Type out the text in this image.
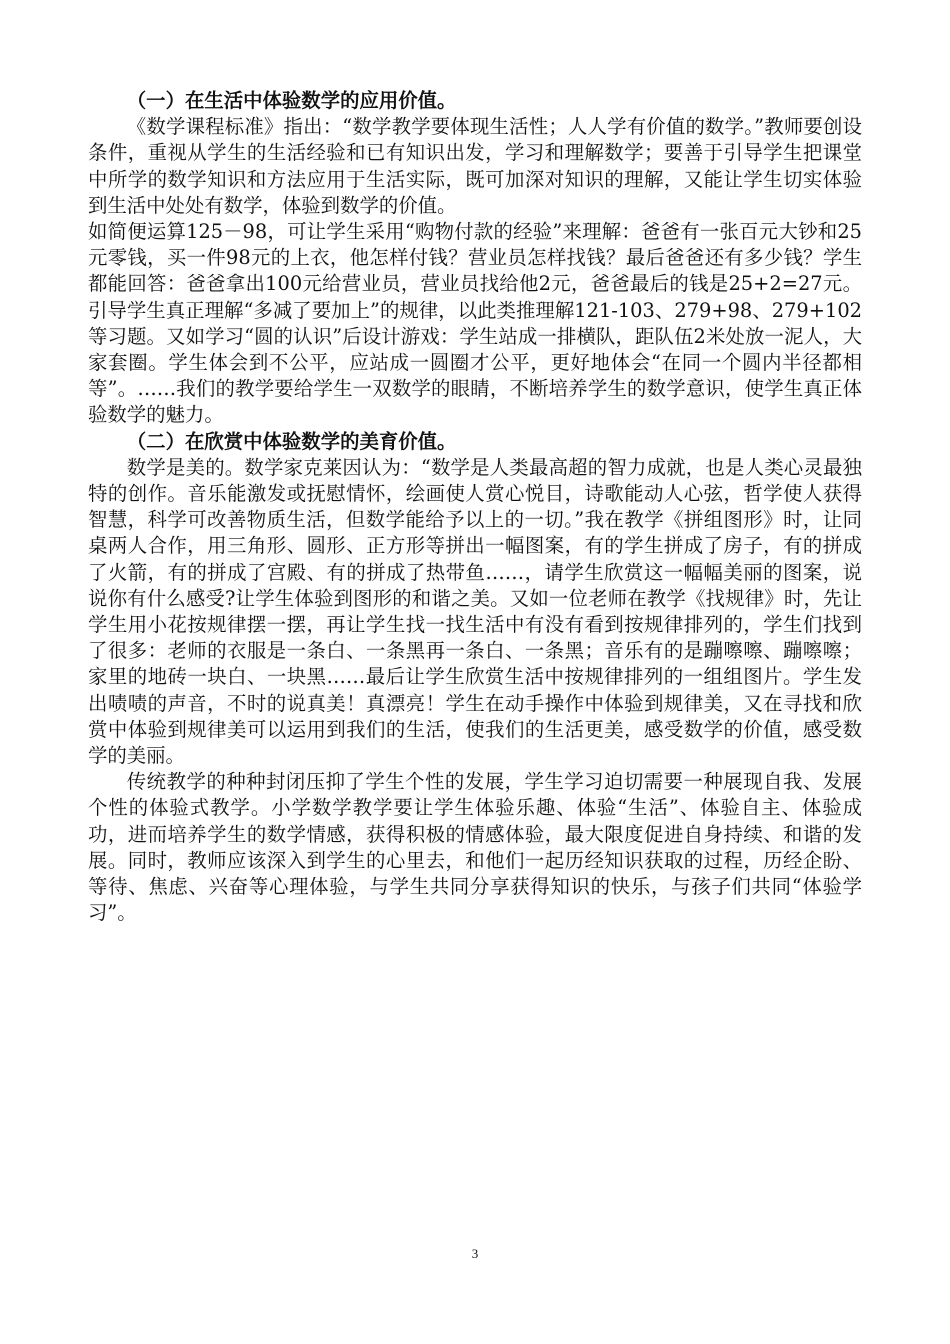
（一）在生活中体验数学的应用价值。

《数学课程标准》指出：“数学教学要体现生活性；人人学有价值的数学。”教师要创设条件，重视从学生的生活经验和已有知识出发，学习和理解数学；要善于引导学生把课堂中所学的数学知识和方法应用于生活实际，既可加深对知识的理解，又能让学生切实体验到生活中处处有数学，体验到数学的价值。

如简便运算125－98，可让学生采用“购物付款的经验”来理解：爸爸有一张百元大钞和25元零钱，买一件98元的上衣，他怎样付钱？营业员怎样找钱？最后爸爸还有多少钱？学生都能回答：爸爸拿出100元给营业员，营业员找给他2元，爸爸最后的钱是25+2=27元。引导学生真正理解“多减了要加上”的规律，以此类推理解121-103、279+98、279+102等习题。又如学习“圆的认识”后设计游戏：学生站成一排横队，距队伍2米处放一泥人，大家套圈。学生体会到不公平，应站成一圆圈才公平，更好地体会“在同一个圆内半径都相等”。……我们的教学要给学生一双数学的眼睛，不断培养学生的数学意识，使学生真正体验数学的魅力。

（二）在欣赏中体验数学的美育价值。

数学是美的。数学家克莱因认为：“数学是人类最高超的智力成就，也是人类心灵最独特的创作。音乐能激发或抚慰情怀，绘画使人赏心悦目，诗歌能动人心弦，哲学使人获得智慧，科学可改善物质生活，但数学能给予以上的一切。”我在教学《拼组图形》时，让同桌两人合作，用三角形、圆形、正方形等拼出一幅图案，有的学生拼成了房子，有的拼成了火箭，有的拼成了宫殿、有的拼成了热带鱼……，请学生欣赏这一幅幅美丽的图案，说说你有什么感受?让学生体验到图形的和谐之美。又如一位老师在教学《找规律》时，先让学生用小花按规律摆一摆，再让学生找一找生活中有没有看到按规律排列的，学生们找到了很多：老师的衣服是一条白、一条黑再一条白、一条黑；音乐有的是蹦嚓嚓、蹦嚓嚓；家里的地砖一块白、一块黑……最后让学生欣赏生活中按规律排列的一组组图片。学生发出啧啧的声音，不时的说真美！真漂亮！学生在动手操作中体验到规律美，又在寻找和欣赏中体验到规律美可以运用到我们的生活，使我们的生活更美，感受数学的价值，感受数学的美丽。

传统教学的种种封闭压抑了学生个性的发展，学生学习迫切需要一种展现自我、发展个性的体验式教学。小学数学教学要让学生体验乐趣、体验“生活”、体验自主、体验成功，进而培养学生的数学情感，获得积极的情感体验，最大限度促进自身持续、和谐的发展。同时，教师应该深入到学生的心里去，和他们一起历经知识获取的过程，历经企盼、等待、焦虑、兴奋等心理体验，与学生共同分享获得知识的快乐，与孩子们共同“体验学习”。

3
